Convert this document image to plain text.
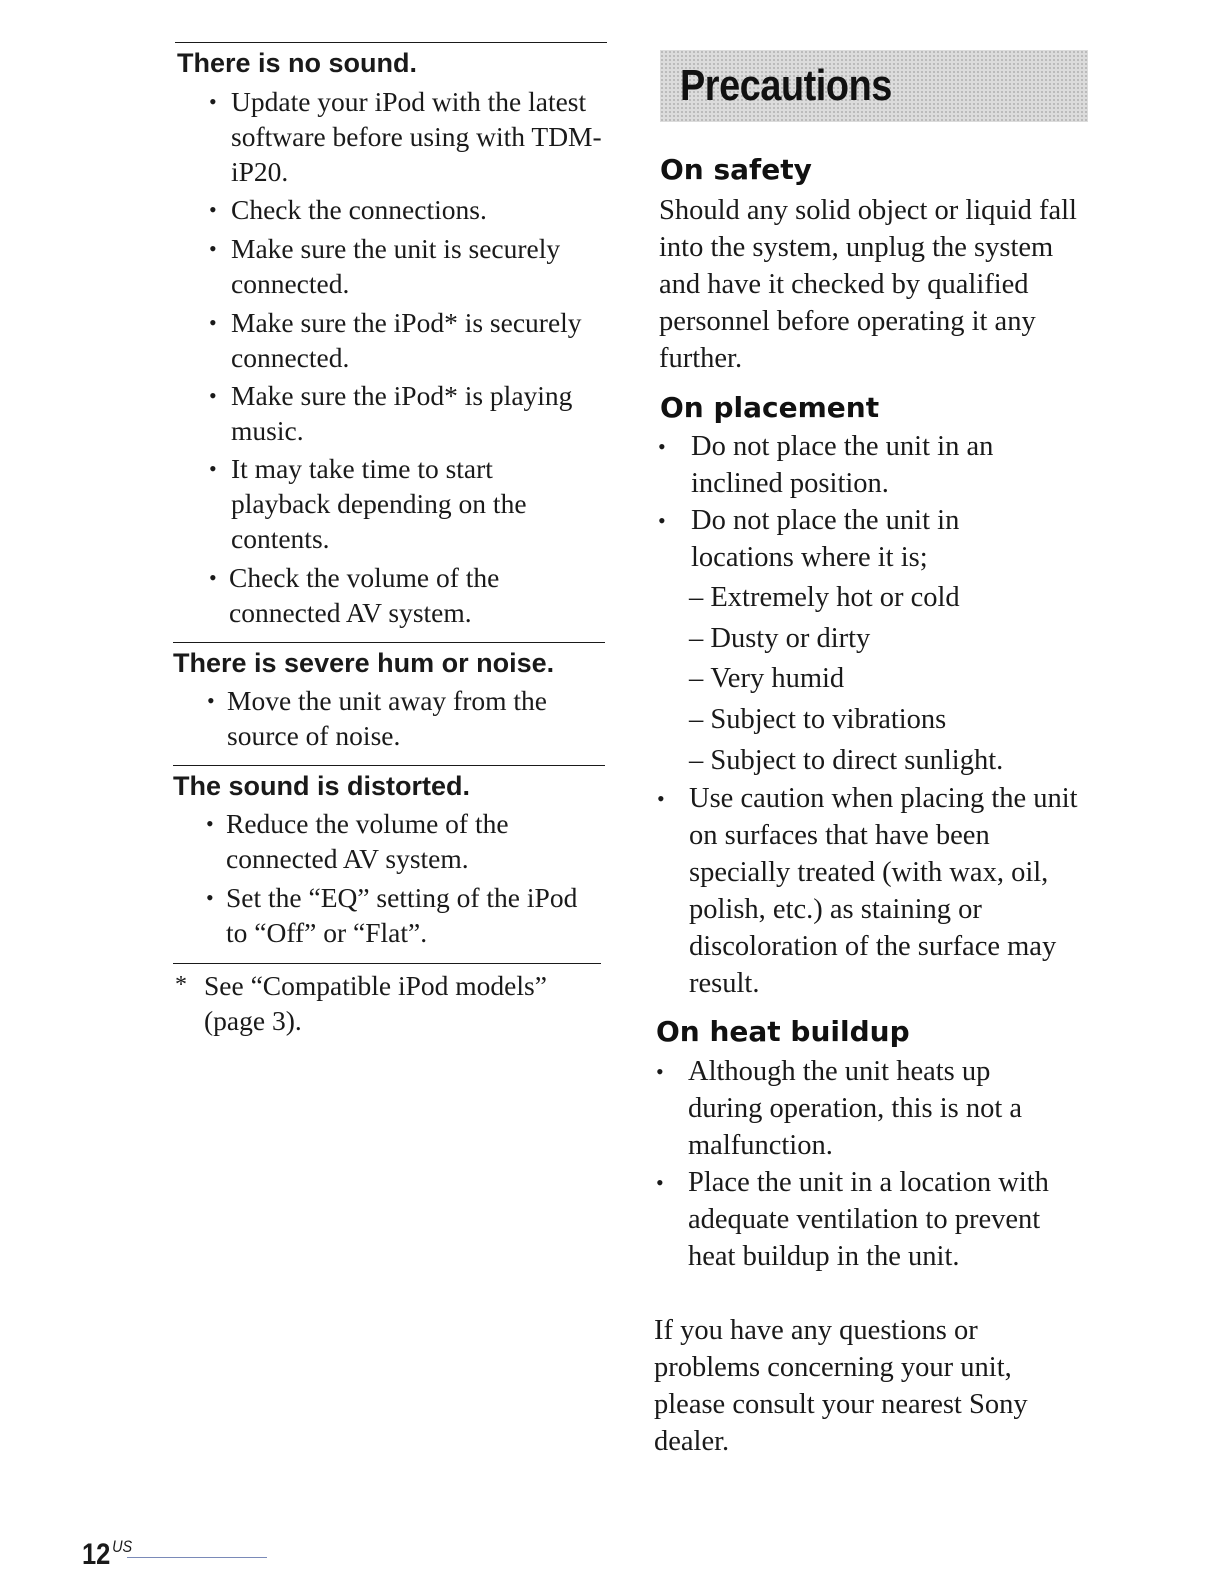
There is no sound.
• Update your iPod with the latest software before using with TDM-iP20.
• Check the connections.
• Make sure the unit is securely connected.
• Make sure the iPod* is securely connected.
• Make sure the iPod* is playing music.
• It may take time to start playback depending on the contents.
• Check the volume of the connected AV system.
There is severe hum or noise.
• Move the unit away from the source of noise.
The sound is distorted.
• Reduce the volume of the connected AV system.
• Set the “EQ” setting of the iPod to “Off” or “Flat”.
* See “Compatible iPod models” (page 3).
Precautions
On safety
Should any solid object or liquid fall into the system, unplug the system and have it checked by qualified personnel before operating it any further.
On placement
• Do not place the unit in an inclined position.
• Do not place the unit in locations where it is;
– Extremely hot or cold
– Dusty or dirty
– Very humid
– Subject to vibrations
– Subject to direct sunlight.
• Use caution when placing the unit on surfaces that have been specially treated (with wax, oil, polish, etc.) as staining or discoloration of the surface may result.
On heat buildup
• Although the unit heats up during operation, this is not a malfunction.
• Place the unit in a location with adequate ventilation to prevent heat buildup in the unit.
If you have any questions or problems concerning your unit, please consult your nearest Sony dealer.
$12^{US}$
